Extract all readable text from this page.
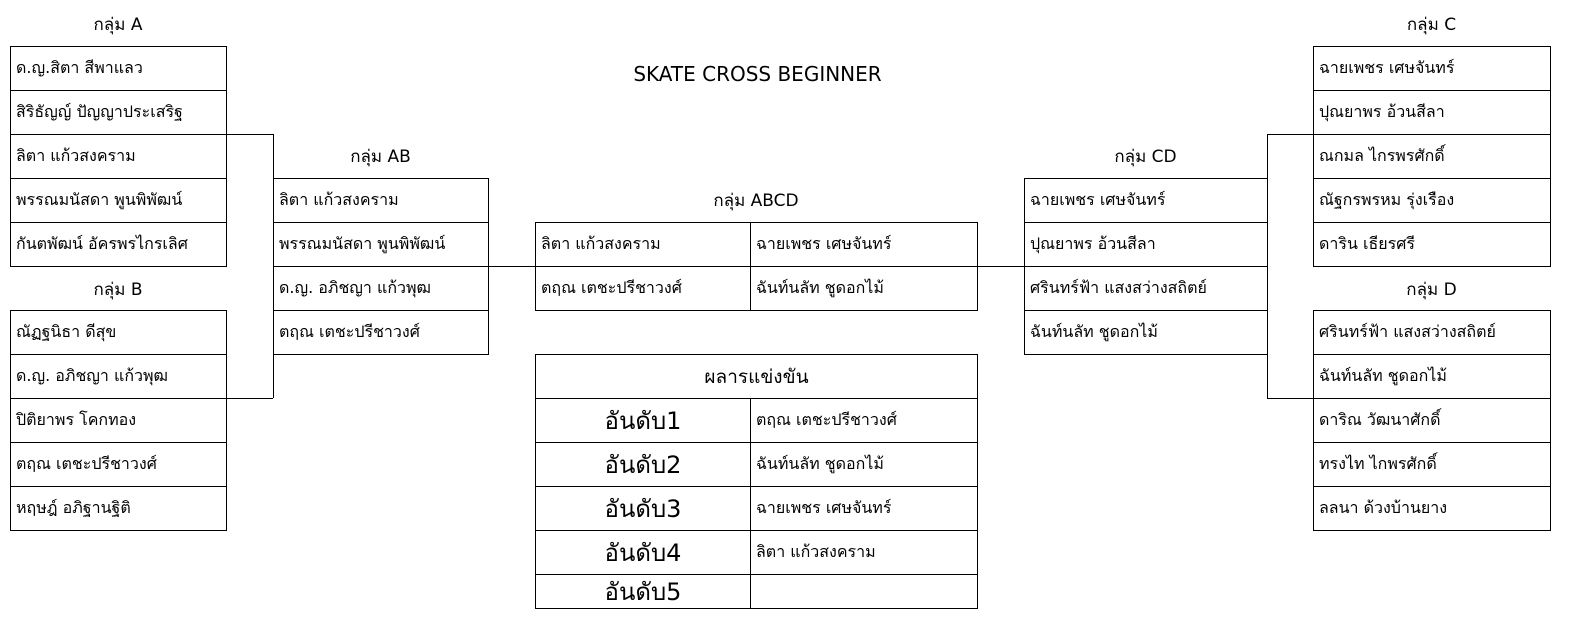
SKATE CROSS BEGINNER
กลุ่ม A
ด.ญ.สิตา สีพาแลว
สิริธัญญ์ ปัญญาประเสริฐ
ลิตา แก้วสงคราม
พรรณมนัสดา พูนพิพัฒน์
กันตพัฒน์ อัครพรไกรเลิศ
กลุ่ม B
ณัฏฐนิธา ดีสุข
ด.ญ. อภิชญา แก้วพุฒ
ปิติยาพร โคกทอง
ตฤณ เตชะปรีชาวงศ์
หฤษฎ์ อภิฐานฐิติ
กลุ่ม AB
ลิตา แก้วสงคราม
พรรณมนัสดา พูนพิพัฒน์
ด.ญ. อภิชญา แก้วพุฒ
ตฤณ เตชะปรีชาวงศ์
กลุ่ม ABCD
ลิตา แก้วสงคราม	ฉายเพชร เศษจันทร์
ตฤณ เตชะปรีชาวงศ์	ฉันท์นลัท ชูดอกไม้
ผลารแข่งขัน
อันดับ1	ตฤณ เตชะปรีชาวงศ์
อันดับ2	ฉันท์นลัท ชูดอกไม้
อันดับ3	ฉายเพชร เศษจันทร์
อันดับ4	ลิตา แก้วสงคราม
อันดับ5
กลุ่ม CD
ฉายเพชร เศษจันทร์
ปุณยาพร อ้วนสีลา
ศรินทร์ฟ้า แสงสว่างสถิตย์
ฉันท์นลัท ชูดอกไม้
กลุ่ม C
ฉายเพชร เศษจันทร์
ปุณยาพร อ้วนสีลา
ณกมล ไกรพรศักดิ์
ณัฐกรพรหม รุ่งเรือง
ดาริน เธียรศรี
กลุ่ม D
ศรินทร์ฟ้า แสงสว่างสถิตย์
ฉันท์นลัท ชูดอกไม้
ดาริณ วัฒนาศักดิ์
ทรงไท ไกพรศักดิ์
ลลนา ด้วงบ้านยาง
